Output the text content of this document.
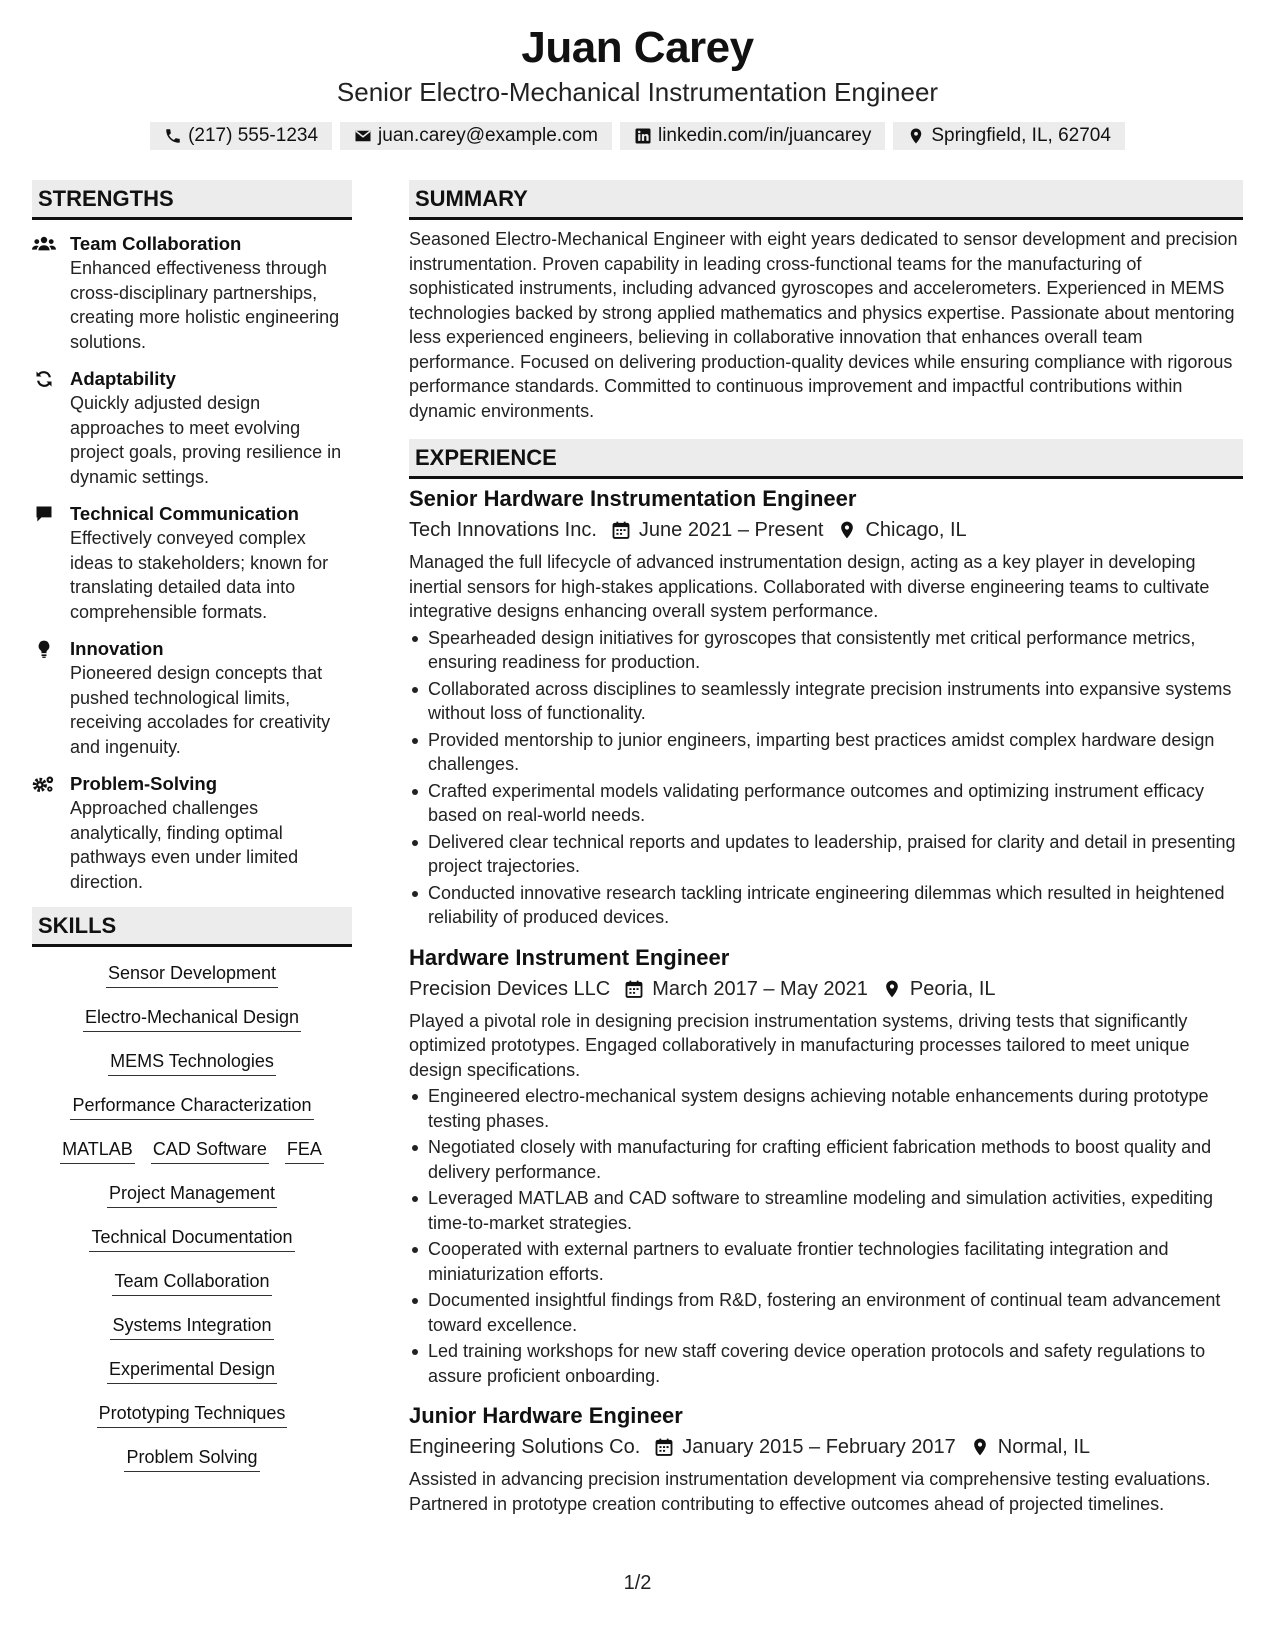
Juan Carey
Senior Electro-Mechanical Instrumentation Engineer
(217) 555-1234	juan.carey@example.com	linkedin.com/in/juancarey	Springfield, IL, 62704
STRENGTHS
Team Collaboration
Enhanced effectiveness through cross-disciplinary partnerships, creating more holistic engineering solutions.
Adaptability
Quickly adjusted design approaches to meet evolving project goals, proving resilience in dynamic settings.
Technical Communication
Effectively conveyed complex ideas to stakeholders; known for translating detailed data into comprehensible formats.
Innovation
Pioneered design concepts that pushed technological limits, receiving accolades for creativity and ingenuity.
Problem-Solving
Approached challenges analytically, finding optimal pathways even under limited direction.
SKILLS
Sensor Development
Electro-Mechanical Design
MEMS Technologies
Performance Characterization
MATLAB CAD Software FEA
Project Management
Technical Documentation
Team Collaboration
Systems Integration
Experimental Design
Prototyping Techniques
Problem Solving
SUMMARY
Seasoned Electro-Mechanical Engineer with eight years dedicated to sensor development and precision instrumentation. Proven capability in leading cross-functional teams for the manufacturing of sophisticated instruments, including advanced gyroscopes and accelerometers. Experienced in MEMS technologies backed by strong applied mathematics and physics expertise. Passionate about mentoring less experienced engineers, believing in collaborative innovation that enhances overall team performance. Focused on delivering production-quality devices while ensuring compliance with rigorous performance standards. Committed to continuous improvement and impactful contributions within dynamic environments.
EXPERIENCE
Senior Hardware Instrumentation Engineer
Tech Innovations Inc. June 2021 – Present Chicago, IL
Managed the full lifecycle of advanced instrumentation design, acting as a key player in developing inertial sensors for high-stakes applications. Collaborated with diverse engineering teams to cultivate integrative designs enhancing overall system performance.
Spearheaded design initiatives for gyroscopes that consistently met critical performance metrics, ensuring readiness for production.
Collaborated across disciplines to seamlessly integrate precision instruments into expansive systems without loss of functionality.
Provided mentorship to junior engineers, imparting best practices amidst complex hardware design challenges.
Crafted experimental models validating performance outcomes and optimizing instrument efficacy based on real-world needs.
Delivered clear technical reports and updates to leadership, praised for clarity and detail in presenting project trajectories.
Conducted innovative research tackling intricate engineering dilemmas which resulted in heightened reliability of produced devices.
Hardware Instrument Engineer
Precision Devices LLC March 2017 – May 2021 Peoria, IL
Played a pivotal role in designing precision instrumentation systems, driving tests that significantly optimized prototypes. Engaged collaboratively in manufacturing processes tailored to meet unique design specifications.
Engineered electro-mechanical system designs achieving notable enhancements during prototype testing phases.
Negotiated closely with manufacturing for crafting efficient fabrication methods to boost quality and delivery performance.
Leveraged MATLAB and CAD software to streamline modeling and simulation activities, expediting time-to-market strategies.
Cooperated with external partners to evaluate frontier technologies facilitating integration and miniaturization efforts.
Documented insightful findings from R&D, fostering an environment of continual team advancement toward excellence.
Led training workshops for new staff covering device operation protocols and safety regulations to assure proficient onboarding.
Junior Hardware Engineer
Engineering Solutions Co. January 2015 – February 2017 Normal, IL
Assisted in advancing precision instrumentation development via comprehensive testing evaluations. Partnered in prototype creation contributing to effective outcomes ahead of projected timelines.
1/2
